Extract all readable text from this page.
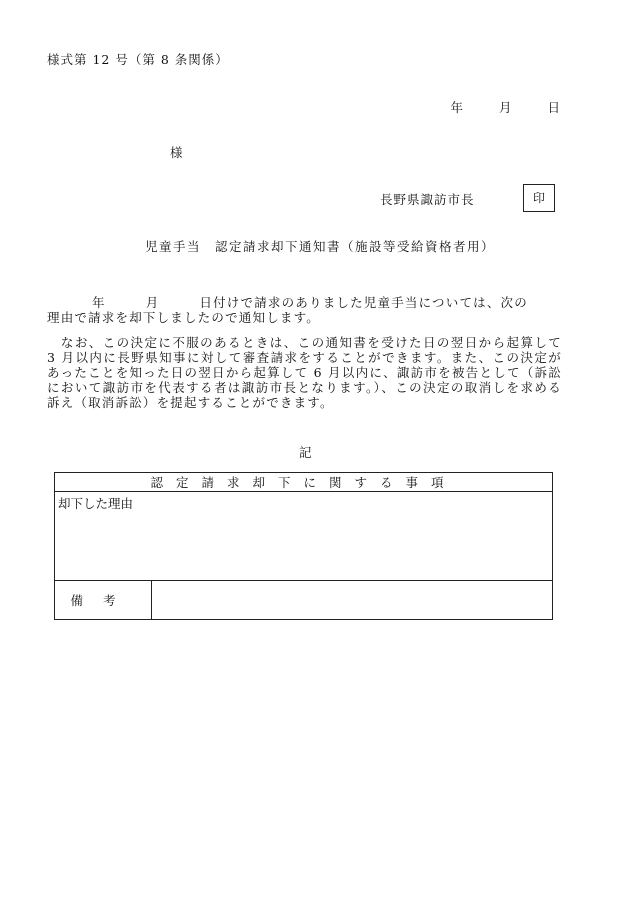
様式第 12 号（第 8 条関係）
年	月	日
様
長野県諏訪市長	印
児童手当　認定請求却下通知書（施設等受給資格者用）
年	月	日付けで請求のありました児童手当については、次の
理由で請求を却下しましたので通知します。
　なお、この決定に不服のあるときは、この通知書を受けた日の翌日から起算して 3 月以内に長野県知事に対して審査請求をすることができます。また、この決定があったことを知った日の翌日から起算して 6 月以内に、諏訪市を被告として（訴訟において諏訪市を代表する者は諏訪市長となります。）、この決定の取消しを求める訴え（取消訴訟）を提起することができます。
記
認定請求却下に関する事項
却下した理由

備考	
